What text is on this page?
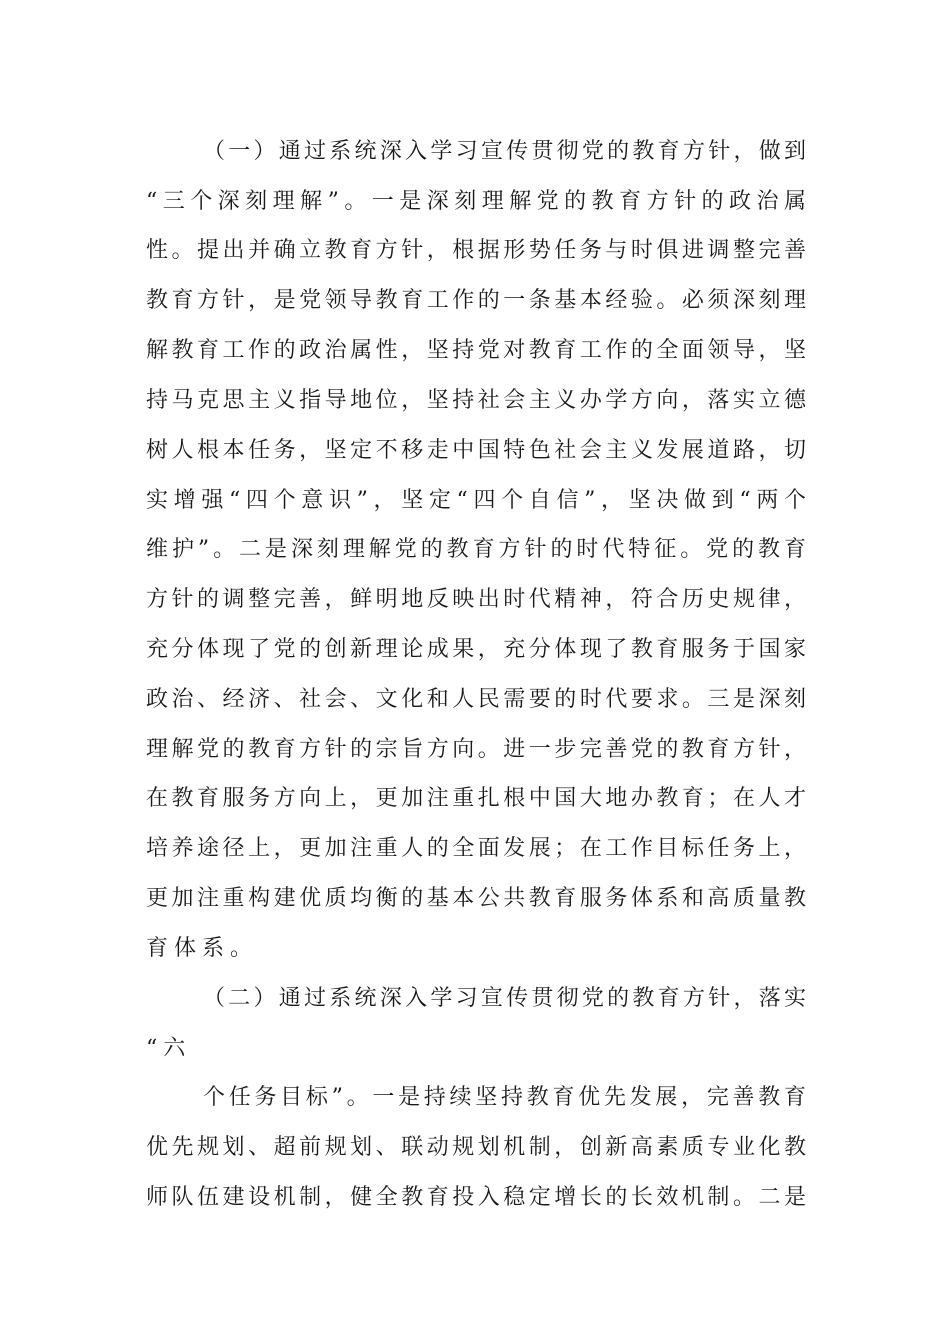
（一）通过系统深入学习宣传贯彻党的教育方针，做到
“三个深刻理解”。一是深刻理解党的教育方针的政治属
性。提出并确立教育方针，根据形势任务与时俱进调整完善
教育方针，是党领导教育工作的一条基本经验。必须深刻理
解教育工作的政治属性，坚持党对教育工作的全面领导，坚
持马克思主义指导地位，坚持社会主义办学方向，落实立德
树人根本任务，坚定不移走中国特色社会主义发展道路，切
实增强“四个意识”，坚定“四个自信”，坚决做到“两个
维护”。二是深刻理解党的教育方针的时代特征。党的教育
方针的调整完善，鲜明地反映出时代精神，符合历史规律，
充分体现了党的创新理论成果，充分体现了教育服务于国家
政治、经济、社会、文化和人民需要的时代要求。三是深刻
理解党的教育方针的宗旨方向。进一步完善党的教育方针，
在教育服务方向上，更加注重扎根中国大地办教育；在人才
培养途径上，更加注重人的全面发展；在工作目标任务上，
更加注重构建优质均衡的基本公共教育服务体系和高质量教
育体系。
（二）通过系统深入学习宣传贯彻党的教育方针，落实
“六
个任务目标”。一是持续坚持教育优先发展，完善教育
优先规划、超前规划、联动规划机制，创新高素质专业化教
师队伍建设机制，健全教育投入稳定增长的长效机制。二是
